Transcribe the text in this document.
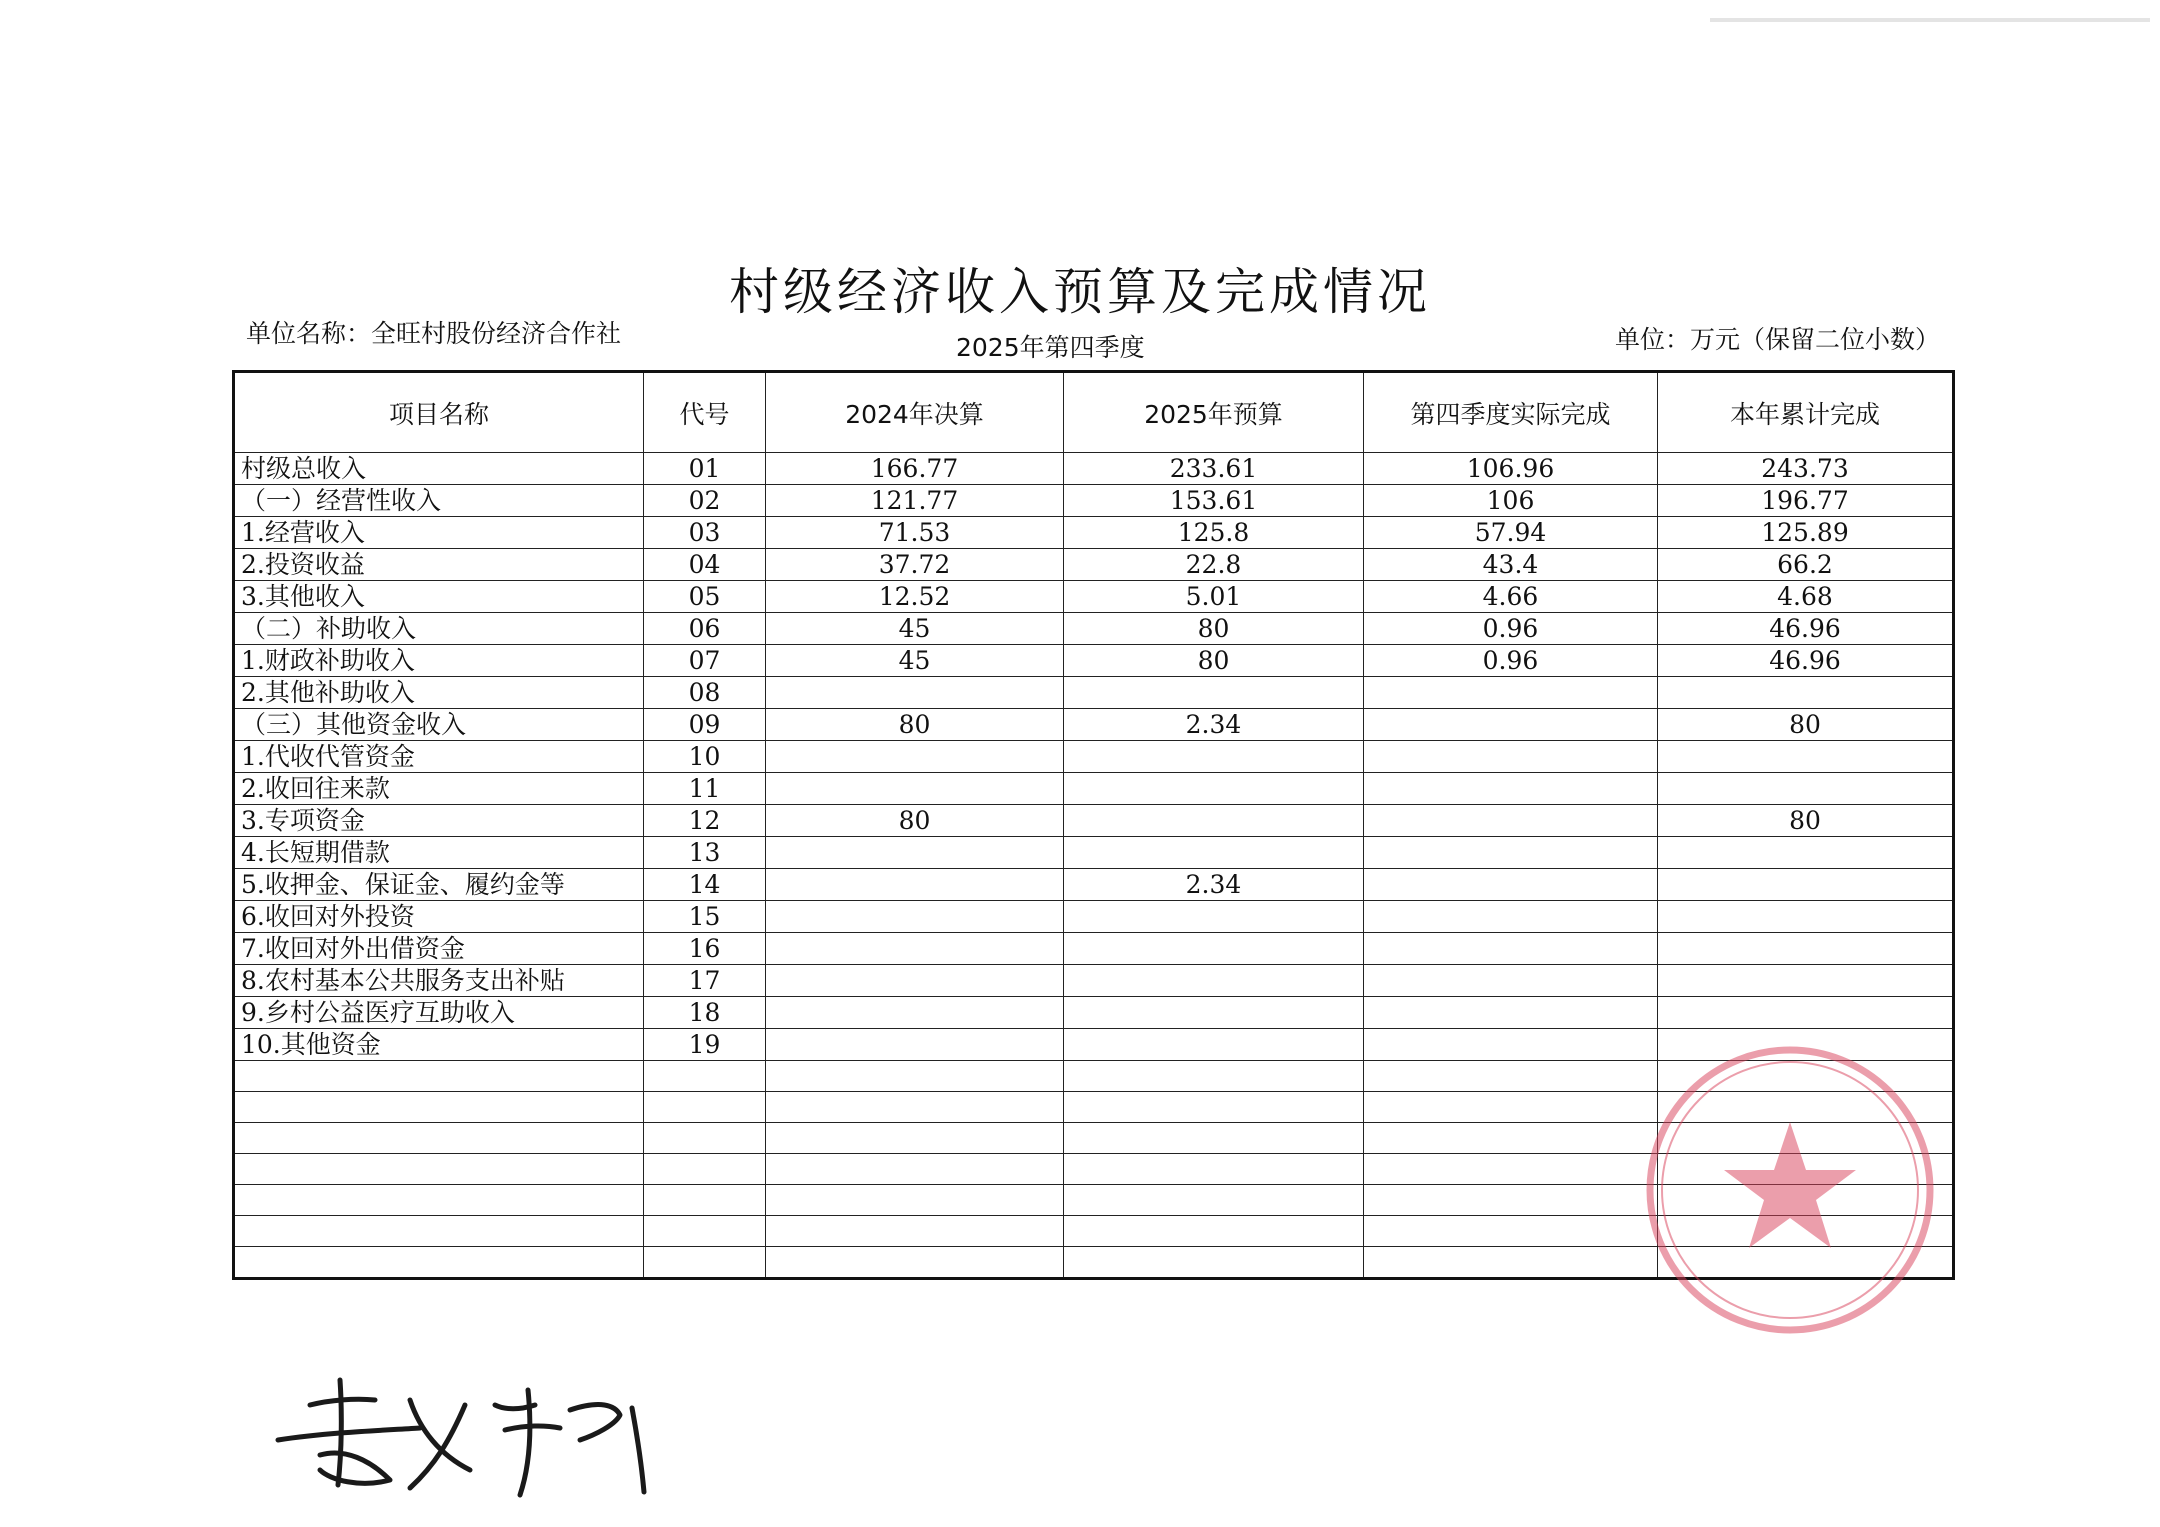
村级经济收入预算及完成情况
单位名称：全旺村股份经济合作社	2025年第四季度	单位：万元（保留二位小数）
项目名称	代号	2024年决算	2025年预算	第四季度实际完成	本年累计完成
村级总收入	01	166.77	233.61	106.96	243.73
（一）经营性收入	02	121.77	153.61	106	196.77
1.经营收入	03	71.53	125.8	57.94	125.89
2.投资收益	04	37.72	22.8	43.4	66.2
3.其他收入	05	12.52	5.01	4.66	4.68
（二）补助收入	06	45	80	0.96	46.96
1.财政补助收入	07	45	80	0.96	46.96
2.其他补助收入	08				
（三）其他资金收入	09	80	2.34		80
1.代收代管资金	10				
2.收回往来款	11				
3.专项资金	12	80			80
4.长短期借款	13				
5.收押金、保证金、履约金等	14		2.34		
6.收回对外投资	15				
7.收回对外出借资金	16				
8.农村基本公共服务支出补贴	17				
9.乡村公益医疗互助收入	18				
10.其他资金	19				
